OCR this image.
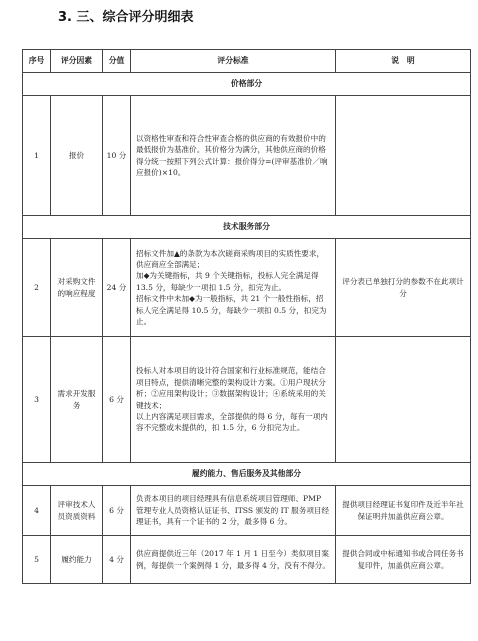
3. 三、综合评分明细表
序号	评分因素	分值	评分标准	说　明
价格部分				
1	报价	10 分	以资格性审查和符合性审查合格的供应商的有效报价中的最低报价为基准价。其价格分为满分，其他供应商的价格得分统一按照下列公式计算：报价得分=(评审基准价／响应报价)×10。	

技术服务部分				
2	对采购文件的响应程度	24 分	招标文件加▲的条款为本次磋商采购项目的实质性要求，供应商应全部满足；

加◆为关键指标，共 9 个关键指标，投标人完全满足得 13.5 分，每缺少一项扣 1.5 分，扣完为止。

招标文件中未加◆为一般指标，共 21 个一般性指标，招标人完全满足得 10.5 分，每缺少一项扣 0.5 分，扣完为止。	评分表已单独打分的参数不在此项计分
3	需求开发服务	6 分	投标人对本项目的设计符合国家和行业标准规范，能结合项目特点，提供清晰完整的架构设计方案。①用户现状分析；②应用架构设计；③数据架构设计；④系统采用的关键技术；

以上内容满足项目需求，全部提供的得 6 分，每有一项内容不完整或未提供的，扣 1.5 分，6 分扣完为止。	

履约能力、售后服务及其他部分				
4	评审技术人员资质资料	6 分	负责本项目的项目经理具有信息系统项目管理师、PMP 管理专业人员资格认证证书、ITSS 颁发的 IT 服务项目经理证书，具有一个证书的 2 分，最多得 6 分。	提供项目经理证书复印件及近半年社保证明并加盖供应商公章。
5	履约能力	4 分	供应商提供近三年（2017 年 1 月 1 日至今）类似项目案例，每提供一个案例得 1 分，最多得 4 分，没有不得分。	提供合同或中标通知书或合同任务书复印件，加盖供应商公章。
